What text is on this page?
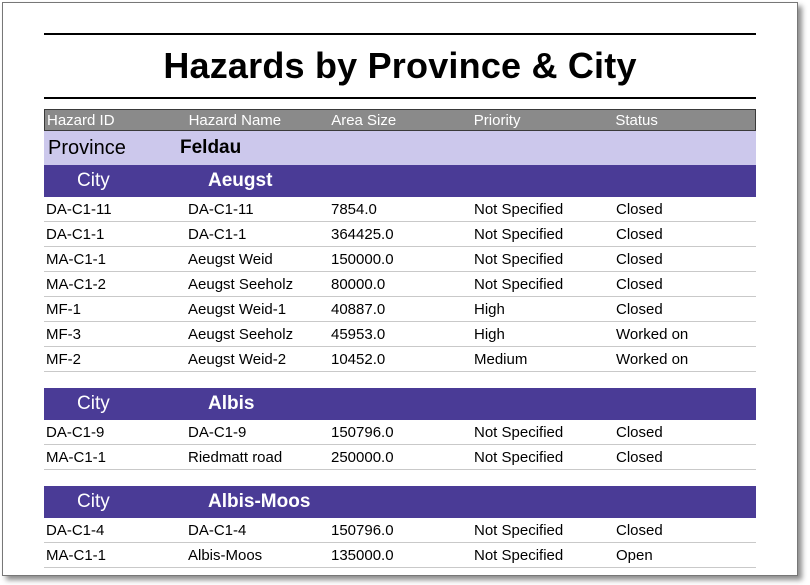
Hazards by Province & City
Hazard ID	Hazard Name	Area Size	Priority	Status
Province	Feldau
City	Aeugst
DA-C1-11	DA-C1-11	7854.0	Not Specified	Closed
DA-C1-1	DA-C1-1	364425.0	Not Specified	Closed
MA-C1-1	Aeugst Weid	150000.0	Not Specified	Closed
MA-C1-2	Aeugst Seeholz	80000.0	Not Specified	Closed
MF-1	Aeugst Weid-1	40887.0	High	Closed
MF-3	Aeugst Seeholz	45953.0	High	Worked on
MF-2	Aeugst Weid-2	10452.0	Medium	Worked on
City	Albis
DA-C1-9	DA-C1-9	150796.0	Not Specified	Closed
MA-C1-1	Riedmatt road	250000.0	Not Specified	Closed
City	Albis-Moos
DA-C1-4	DA-C1-4	150796.0	Not Specified	Closed
MA-C1-1	Albis-Moos	135000.0	Not Specified	Open
